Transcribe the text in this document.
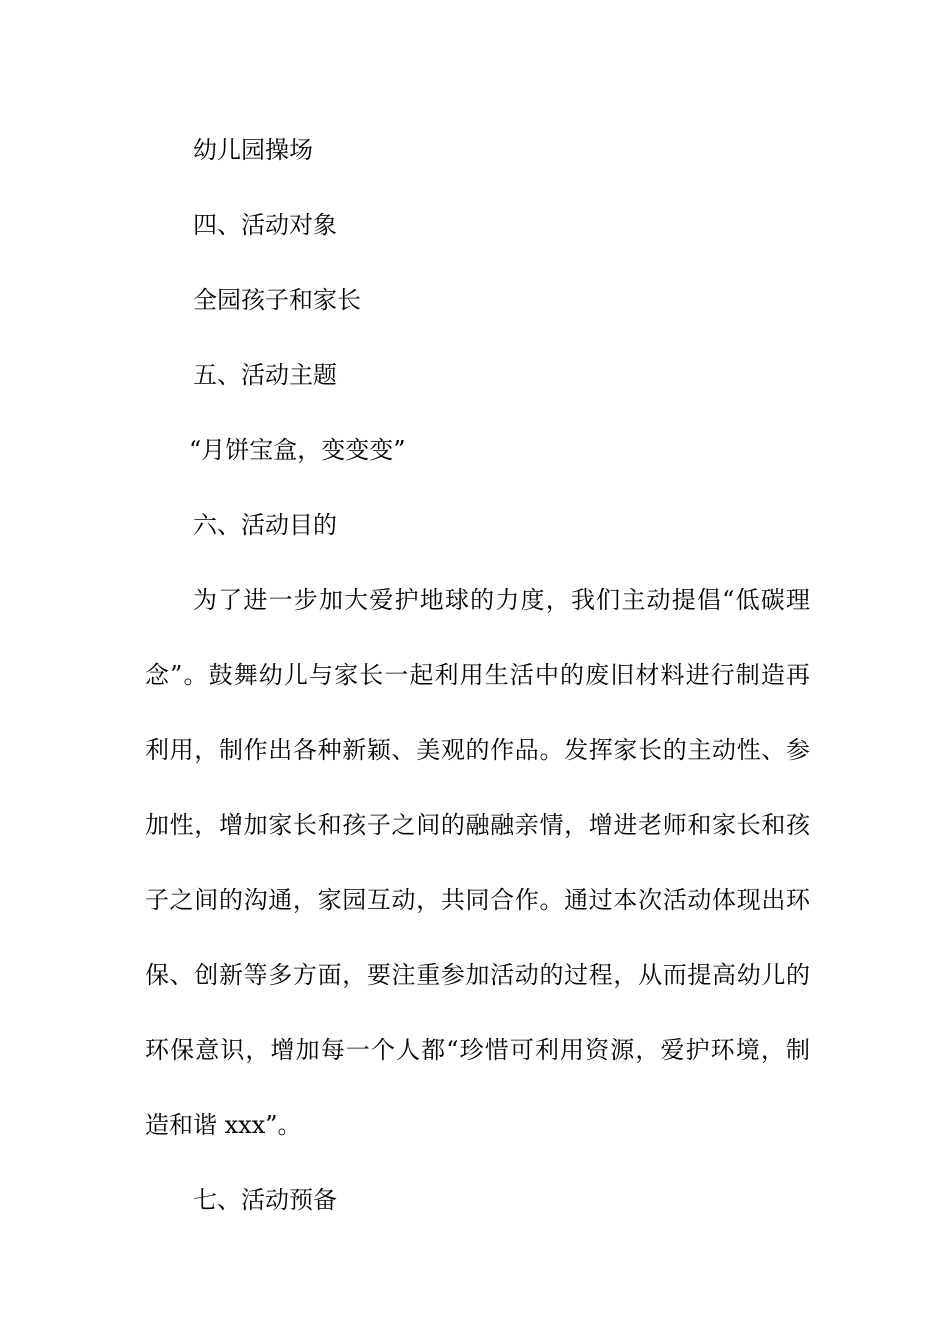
幼儿园操场
四、活动对象
全园孩子和家长
五、活动主题
“月饼宝盒，变变变”
六、活动目的
为了进一步加大爱护地球的力度，我们主动提倡“低碳理
念”。鼓舞幼儿与家长一起利用生活中的废旧材料进行制造再
利用，制作出各种新颖、美观的作品。发挥家长的主动性、参
加性，增加家长和孩子之间的融融亲情，增进老师和家长和孩
子之间的沟通，家园互动，共同合作。通过本次活动体现出环
保、创新等多方面，要注重参加活动的过程，从而提高幼儿的
环保意识，增加每一个人都“珍惜可利用资源，爱护环境，制
造和谐 xxx”。
七、活动预备
